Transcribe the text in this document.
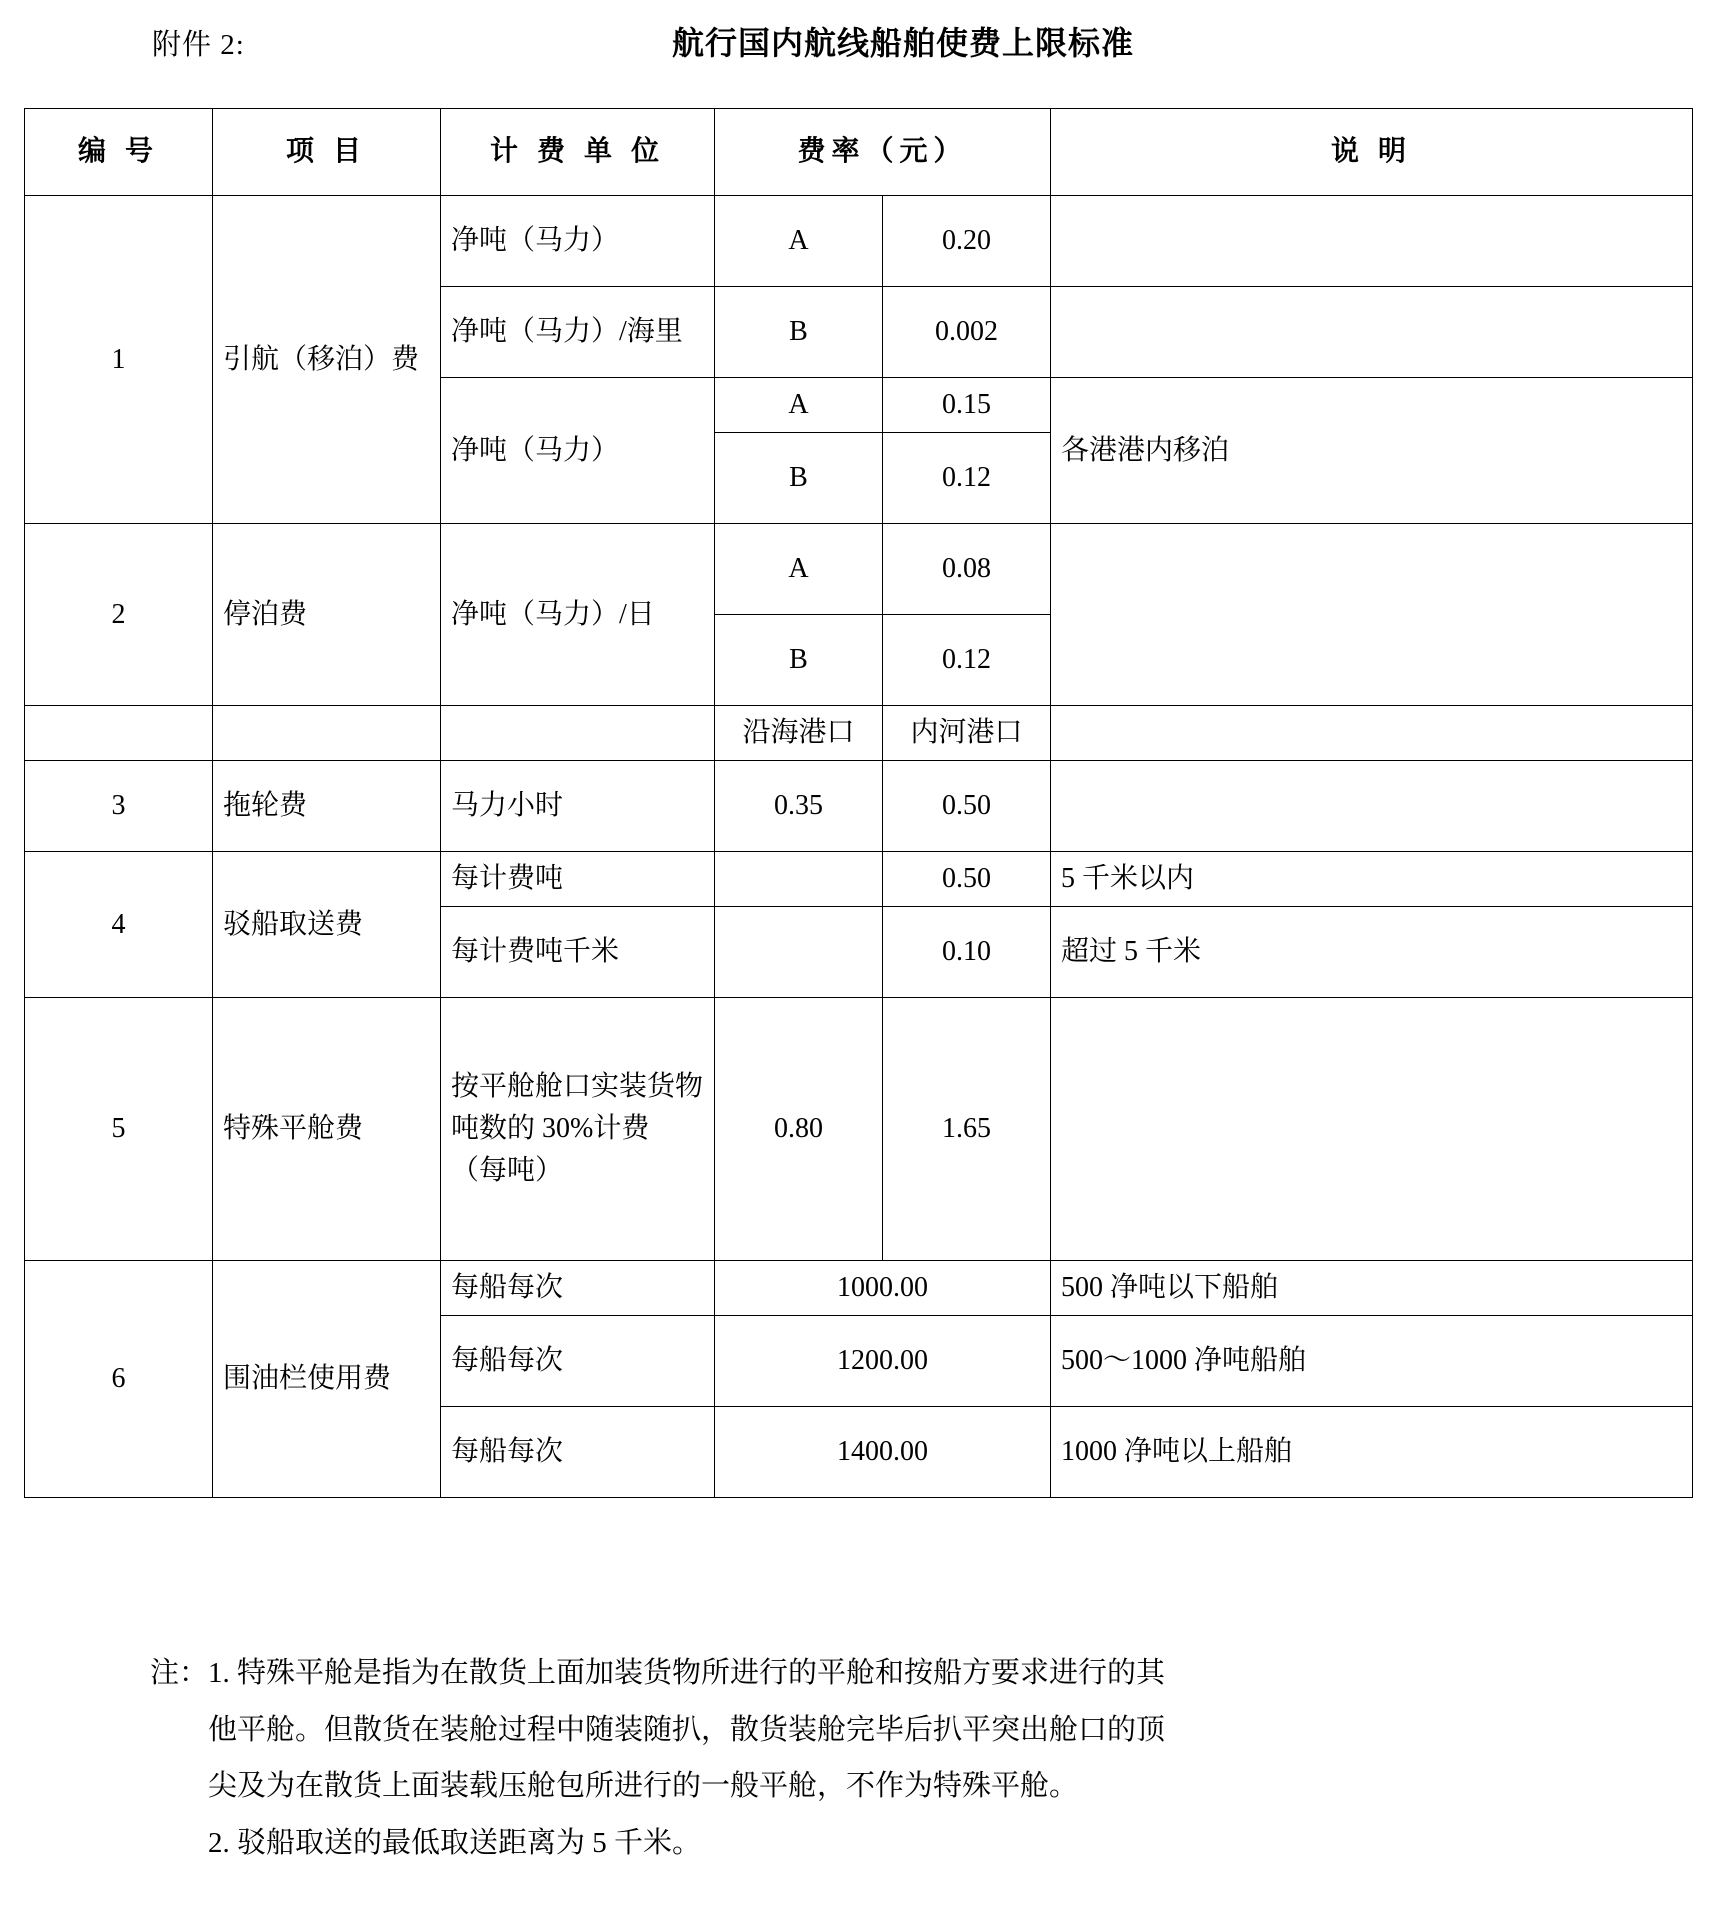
附件 2:	航行国内航线船舶使费上限标准
编 号	项 目	计 费 单 位	费率（元）		说 明
1	引航（移泊）费	净吨（马力）	A	0.20	
		净吨（马力）/海里	B	0.002	
		净吨（马力）	A	0.15	各港港内移泊
			B	0.12	
2	停泊费	净吨（马力）/日	A	0.08	
			B	0.12	
			沿海港口	内河港口	
3	拖轮费	马力小时	0.35	0.50	
4	驳船取送费	每计费吨		0.50	5 千米以内
		每计费吨千米		0.10	超过 5 千米
5	特殊平舱费	按平舱舱口实装货物吨数的 30%计费（每吨）	0.80	1.65	
6	围油栏使用费	每船每次	1000.00		500 净吨以下船舶
		每船每次	1200.00		500～1000 净吨船舶
		每船每次	1400.00		1000 净吨以上船舶
注：1. 特殊平舱是指为在散货上面加装货物所进行的平舱和按船方要求进行的其
他平舱。但散货在装舱过程中随装随扒，散货装舱完毕后扒平突出舱口的顶
尖及为在散货上面装载压舱包所进行的一般平舱，不作为特殊平舱。
2. 驳船取送的最低取送距离为 5 千米。
